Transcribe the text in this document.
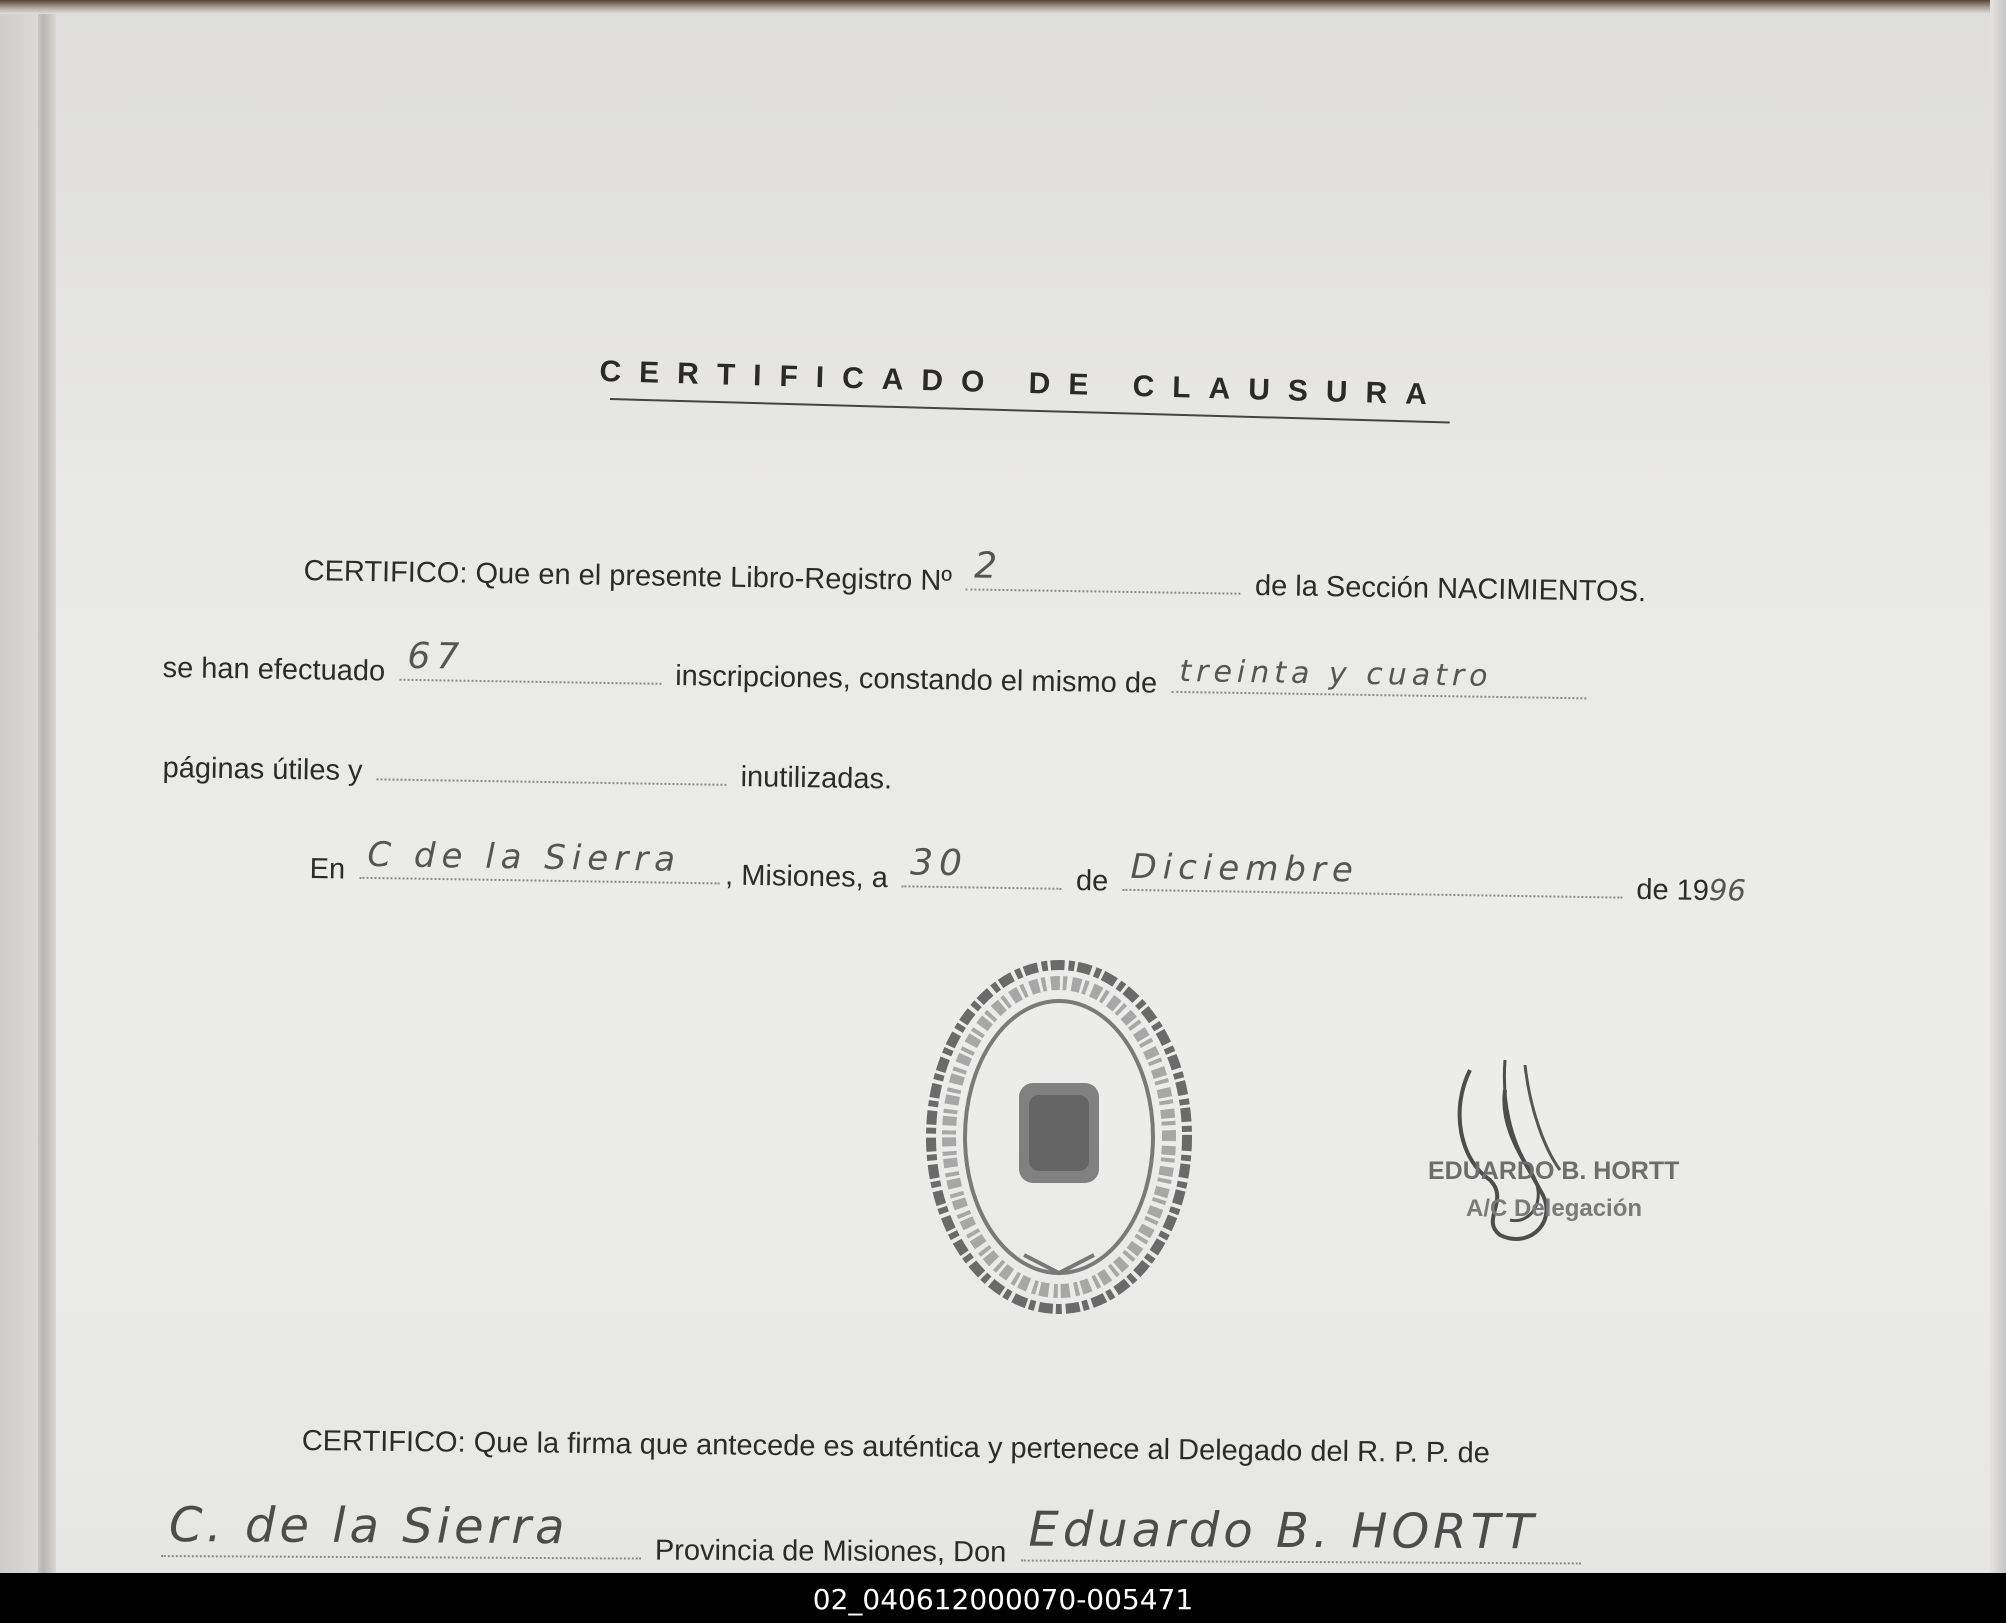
CERTIFICADO DE CLAUSURA
CERTIFICO: Que en el presente Libro-Registro Nº 2
de la Sección NACIMIENTOS.
se han efectuado 67
inscripciones, constando el mismo de treinta y cuatro
páginas útiles y	inutilizadas.
En C de la Sierra , Misiones, a 30	de Diciembre	de 1996
EDUARDO B. HORTT
A/C Delegación
CERTIFICO: Que la firma que antecede es auténtica y pertenece al Delegado del R. P. P. de
C. de la Sierra	Provincia de Misiones, Don Eduardo B. HORTT
02_040612000070-005471
